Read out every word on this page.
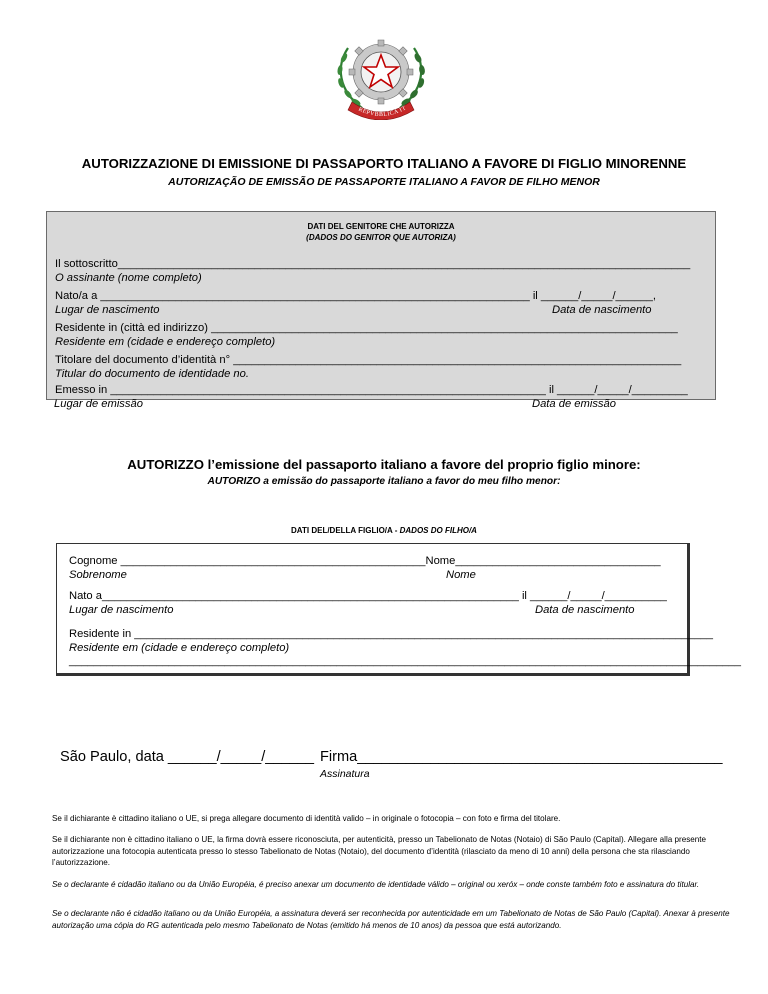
REPVBBLICA IT
AUTORIZZAZIONE DI EMISSIONE DI PASSAPORTO ITALIANO A FAVORE DI FIGLIO MINORENNE
AUTORIZAÇÃO DE EMISSÃO DE PASSAPORTE ITALIANO A FAVOR DE FILHO MENOR
DATI DEL GENITORE CHE AUTORIZZA
(DADOS DO GENITOR QUE AUTORIZA)
Il sottoscritto____________________________________________________________________________________________
O assinante (nome completo)
Nato/a a _____________________________________________________________________ il ______/_____/______,
Lugar de nascimento	Data de nascimento
Residente in (città ed indirizzo) ___________________________________________________________________________
Residente em (cidade e endereço completo)
Titolare del documento d’identità n° ________________________________________________________________________
Titular do documento de identidade no.
Emesso in ______________________________________________________________________ il ______/_____/_________
Lugar de emissão	Data de emissão
AUTORIZZO l’emissione del passaporto italiano a favore del proprio figlio minore:
AUTORIZO a emissão do passaporte italiano a favor do meu filho menor:
DATI DEL/DELLA FIGLIO/A - DADOS DO FILHO/A
Cognome _________________________________________________Nome_________________________________
Sobrenome	Nome
Nato a___________________________________________________________________ il ______/_____/__________
Lugar de nascimento	Data de nascimento
Residente in _____________________________________________________________________________________________
Residente em (cidade e endereço completo)
____________________________________________________________________________________________________________
São Paulo, data ______/_____/______ Firma_____________________________________________
Assinatura
Se il dichiarante è cittadino italiano o UE, si prega allegare documento di identità valido – in originale o fotocopia – con foto e firma del titolare.
Se il dichiarante non è cittadino italiano o UE, la firma dovrà essere riconosciuta, per autenticità, presso un Tabelionato de Notas (Notaio) di São Paulo (Capital). Allegare alla presente autorizzazione una fotocopia autenticata presso lo stesso Tabelionato de Notas (Notaio), del documento d’identità (rilasciato da meno di 10 anni) della persona che sta rilasciando l’autorizzazione.
Se o declarante é cidadão italiano ou da União Européia, é preciso anexar um documento de identidade válido – original ou xeróx – onde conste também foto e assinatura do titular.
Se o declarante não é cidadão italiano ou da União Européia, a assinatura deverá ser reconhecida por autenticidade em um Tabelionato de Notas de São Paulo (Capital). Anexar à presente autorização uma cópia do RG autenticada pelo mesmo Tabelionato de Notas (emitido há menos de 10 anos) da pessoa que está autorizando.
